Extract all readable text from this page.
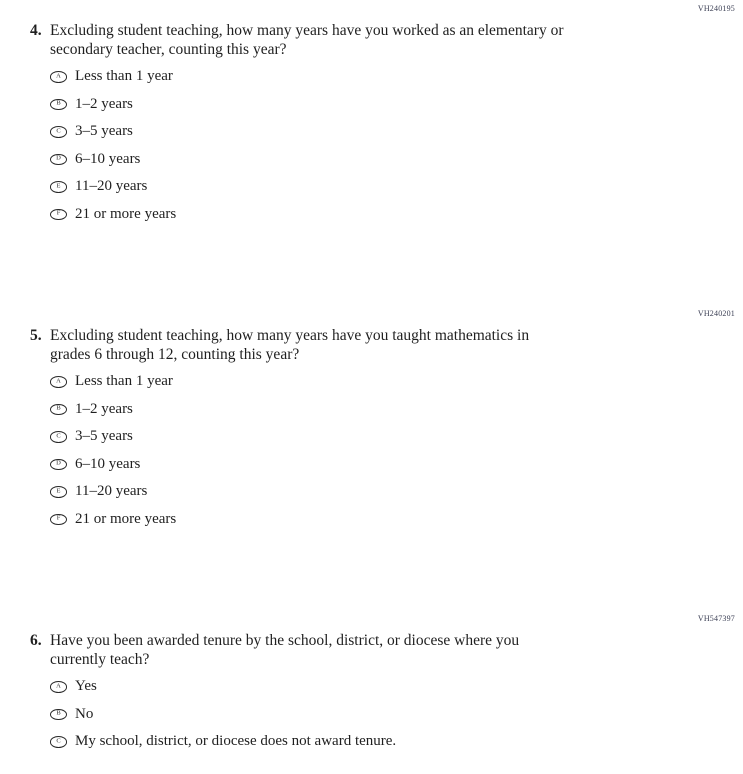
VH240195
4. Excluding student teaching, how many years have you worked as an elementary or
secondary teacher, counting this year?
A Less than 1 year
B 1–2 years
C 3–5 years
D 6–10 years
E 11–20 years
F 21 or more years
VH240201
5. Excluding student teaching, how many years have you taught mathematics in
grades 6 through 12, counting this year?
A Less than 1 year
B 1–2 years
C 3–5 years
D 6–10 years
E 11–20 years
F 21 or more years
VH547397
6. Have you been awarded tenure by the school, district, or diocese where you
currently teach?
A Yes
B No
C My school, district, or diocese does not award tenure.
